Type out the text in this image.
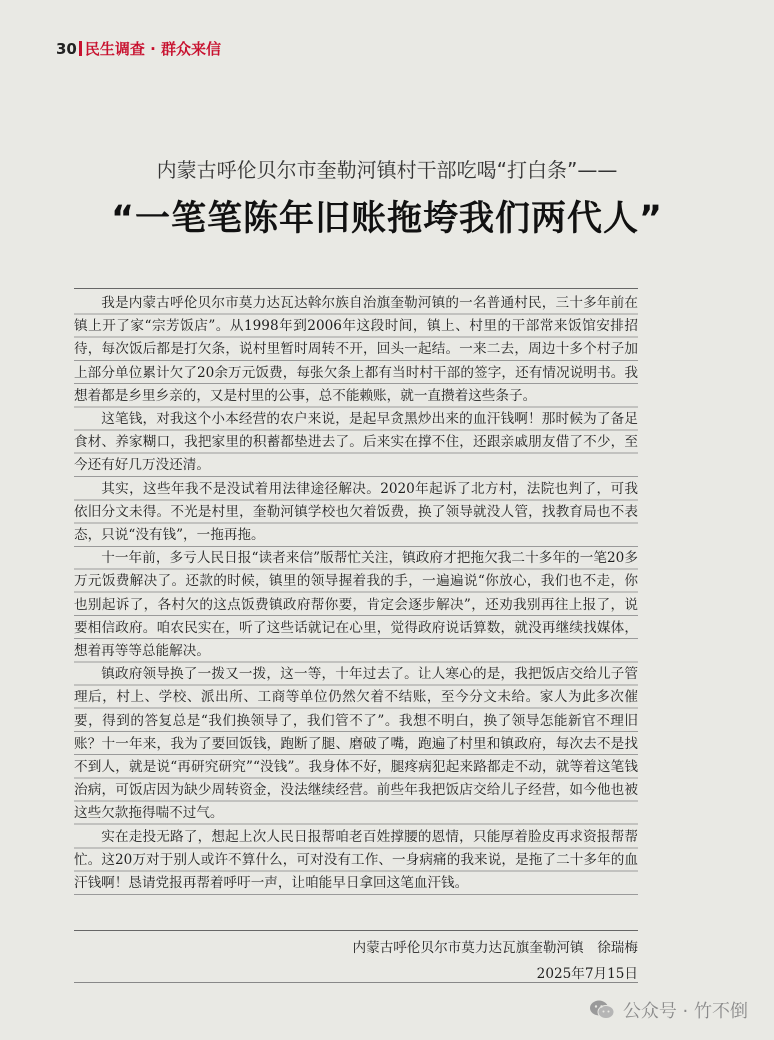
30 民生调查 · 群众来信
内蒙古呼伦贝尔市奎勒河镇村干部吃喝“打白条”——
“一笔笔陈年旧账拖垮我们两代人”

我是内蒙古呼伦贝尔市莫力达瓦达斡尔族自治旗奎勒河镇的一名普通村民，三十多年前在镇上开了家“宗芳饭店”。从1998年到2006年这段时间，镇上、村里的干部常来饭馆安排招待，每次饭后都是打欠条，说村里暂时周转不开，回头一起结。一来二去，周边十多个村子加上部分单位累计欠了20余万元饭费，每张欠条上都有当时村干部的签字，还有情况说明书。我想着都是乡里乡亲的，又是村里的公事，总不能赖账，就一直攒着这些条子。

这笔钱，对我这个小本经营的农户来说，是起早贪黑炒出来的血汗钱啊！那时候为了备足食材、养家糊口，我把家里的积蓄都垫进去了。后来实在撑不住，还跟亲戚朋友借了不少，至今还有好几万没还清。

其实，这些年我不是没试着用法律途径解决。2020年起诉了北方村，法院也判了，可我依旧分文未得。不光是村里，奎勒河镇学校也欠着饭费，换了领导就没人管，找教育局也不表态，只说“没有钱”，一拖再拖。

十一年前，多亏人民日报“读者来信”版帮忙关注，镇政府才把拖欠我二十多年的一笔20多万元饭费解决了。还款的时候，镇里的领导握着我的手，一遍遍说“你放心，我们也不走，你也别起诉了，各村欠的这点饭费镇政府帮你要，肯定会逐步解决”，还劝我别再往上报了，说要相信政府。咱农民实在，听了这些话就记在心里，觉得政府说话算数，就没再继续找媒体，想着再等等总能解决。

镇政府领导换了一拨又一拨，这一等，十年过去了。让人寒心的是，我把饭店交给儿子管理后，村上、学校、派出所、工商等单位仍然欠着不结账，至今分文未给。家人为此多次催要，得到的答复总是“我们换领导了，我们管不了”。我想不明白，换了领导怎能新官不理旧账？十一年来，我为了要回饭钱，跑断了腿、磨破了嘴，跑遍了村里和镇政府，每次去不是找不到人，就是说“再研究研究”“没钱”。我身体不好，腿疼病犯起来路都走不动，就等着这笔钱治病，可饭店因为缺少周转资金，没法继续经营。前些年我把饭店交给儿子经营，如今他也被这些欠款拖得喘不过气。

实在走投无路了，想起上次人民日报帮咱老百姓撑腰的恩情，只能厚着脸皮再求资报帮帮忙。这20万对于别人或许不算什么，可对没有工作、一身病痛的我来说，是拖了二十多年的血汗钱啊！恳请党报再帮着呼吁一声，让咱能早日拿回这笔血汗钱。

内蒙古呼伦贝尔市莫力达瓦旗奎勒河镇　徐瑞梅
2025年7月15日
公众号 · 竹不倒
